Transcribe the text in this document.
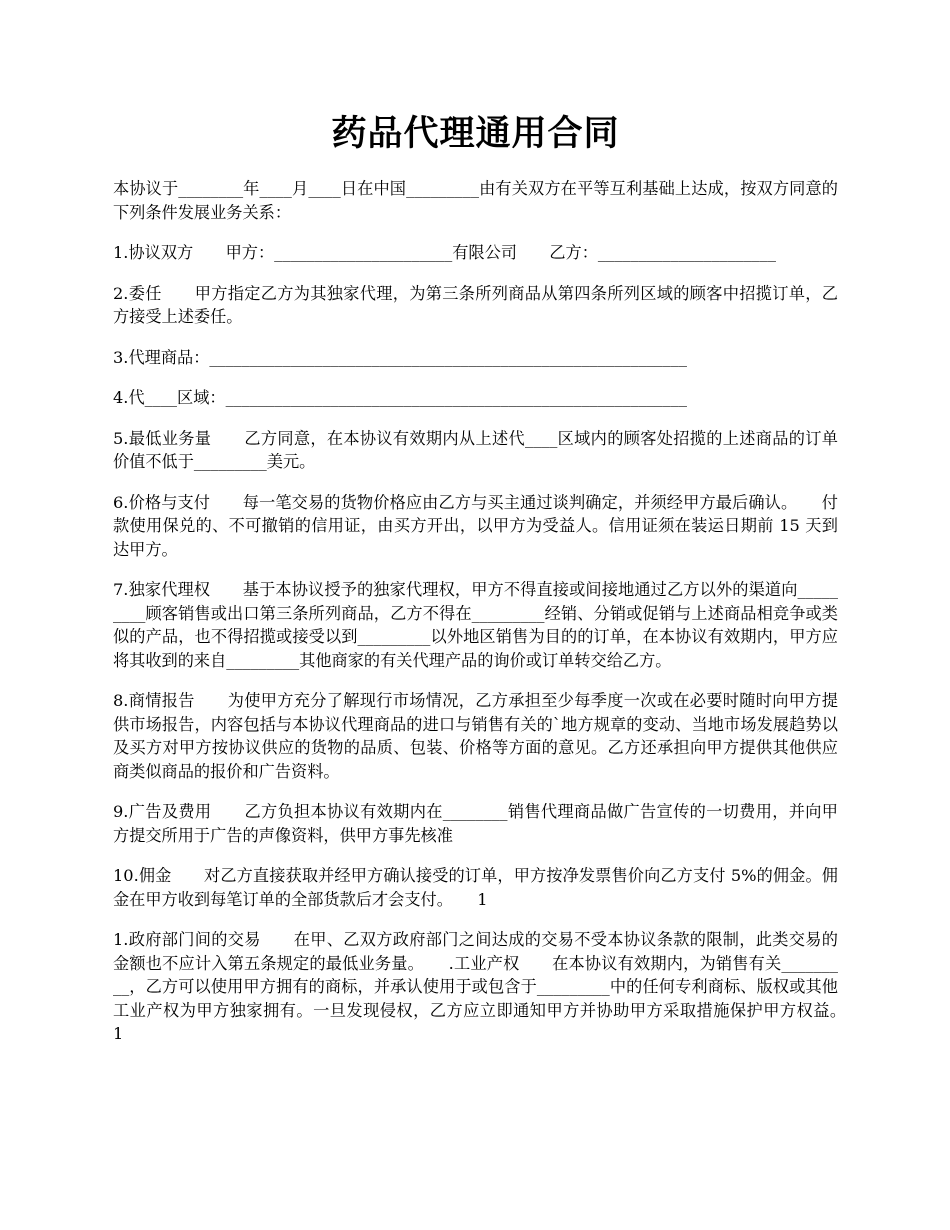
药品代理通用合同

本协议于________年____月____日在中国_________由有关双方在平等互利基础上达成，按双方同意的下列条件发展业务关系：

1.协议双方　　甲方：______________________有限公司　　乙方：______________________

2.委任　　甲方指定乙方为其独家代理，为第三条所列商品从第四条所列区域的顾客中招揽订单，乙方接受上述委任。

3.代理商品：___________________________________________________________

4.代____区域：_________________________________________________________

5.最低业务量　　乙方同意，在本协议有效期内从上述代____区域内的顾客处招揽的上述商品的订单价值不低于_________美元。

6.价格与支付　　每一笔交易的货物价格应由乙方与买主通过谈判确定，并须经甲方最后确认。　　付款使用保兑的、不可撤销的信用证，由买方开出，以甲方为受益人。信用证须在装运日期前 15 天到达甲方。

7.独家代理权　　基于本协议授予的独家代理权，甲方不得直接或间接地通过乙方以外的渠道向_________顾客销售或出口第三条所列商品，乙方不得在_________经销、分销或促销与上述商品相竞争或类似的产品，也不得招揽或接受以到_________以外地区销售为目的的订单，在本协议有效期内，甲方应将其收到的来自_________其他商家的有关代理产品的询价或订单转交给乙方。

8.商情报告　　为使甲方充分了解现行市场情况，乙方承担至少每季度一次或在必要时随时向甲方提供市场报告，内容包括与本协议代理商品的进口与销售有关的`地方规章的变动、当地市场发展趋势以及买方对甲方按协议供应的货物的品质、包装、价格等方面的意见。乙方还承担向甲方提供其他供应商类似商品的报价和广告资料。

9.广告及费用　　乙方负担本协议有效期内在________销售代理商品做广告宣传的一切费用，并向甲方提交所用于广告的声像资料，供甲方事先核准

10.佣金　　对乙方直接获取并经甲方确认接受的订单，甲方按净发票售价向乙方支付 5%的佣金。佣金在甲方收到每笔订单的全部货款后才会支付。　　1

1.政府部门间的交易　　在甲、乙双方政府部门之间达成的交易不受本协议条款的限制，此类交易的金额也不应计入第五条规定的最低业务量。　　.工业产权　　在本协议有效期内，为销售有关_________，乙方可以使用甲方拥有的商标，并承认使用于或包含于_________中的任何专利商标、版权或其他工业产权为甲方独家拥有。一旦发现侵权，乙方应立即通知甲方并协助甲方采取措施保护甲方权益。　　1
